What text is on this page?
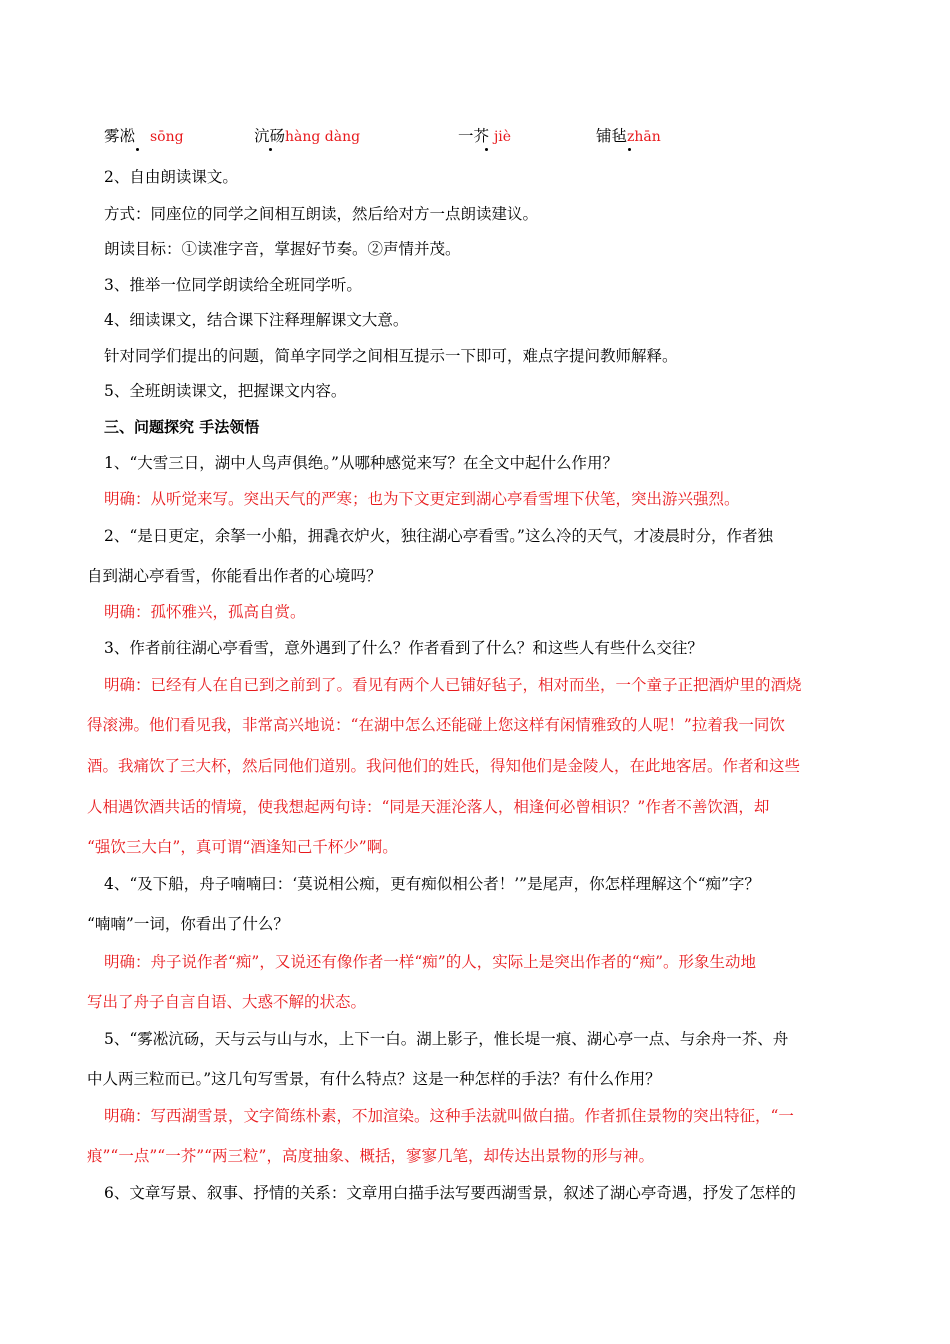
雾凇 sōng	沆砀hàng dàng	一芥 jiè	铺毡zhān
2、自由朗读课文。
方式：同座位的同学之间相互朗读，然后给对方一点朗读建议。
朗读目标：①读准字音，掌握好节奏。②声情并茂。
3、推举一位同学朗读给全班同学听。
4、细读课文，结合课下注释理解课文大意。
针对同学们提出的问题，简单字同学之间相互提示一下即可，难点字提问教师解释。
5、全班朗读课文，把握课文内容。
三、问题探究 手法领悟
1、“大雪三日，湖中人鸟声俱绝。”从哪种感觉来写？在全文中起什么作用？
明确：从听觉来写。突出天气的严寒；也为下文更定到湖心亭看雪埋下伏笔，突出游兴强烈。
2、“是日更定，余拏一小船，拥毳衣炉火，独往湖心亭看雪。”这么冷的天气，才凌晨时分，作者独
自到湖心亭看雪，你能看出作者的心境吗？
明确：孤怀雅兴，孤高自赏。
3、作者前往湖心亭看雪，意外遇到了什么？作者看到了什么？和这些人有些什么交往？
明确：已经有人在自已到之前到了。看见有两个人已铺好毡子，相对而坐，一个童子正把酒炉里的酒烧
得滚沸。他们看见我，非常高兴地说：“在湖中怎么还能碰上您这样有闲情雅致的人呢！”拉着我一同饮
酒。我痛饮了三大杯，然后同他们道别。我问他们的姓氏，得知他们是金陵人，在此地客居。作者和这些
人相遇饮酒共话的情境，使我想起两句诗：“同是天涯沦落人，相逢何必曾相识？”作者不善饮酒，却
“强饮三大白”，真可谓“酒逢知己千杯少”啊。
4、“及下船，舟子喃喃曰：‘莫说相公痴，更有痴似相公者！’”是尾声，你怎样理解这个“痴”字？
“喃喃”一词，你看出了什么？
明确：舟子说作者“痴”，又说还有像作者一样“痴”的人，实际上是突出作者的“痴”。形象生动地
写出了舟子自言自语、大惑不解的状态。
5、“雾凇沆砀，天与云与山与水，上下一白。湖上影子，惟长堤一痕、湖心亭一点、与余舟一芥、舟
中人两三粒而已。”这几句写雪景，有什么特点？这是一种怎样的手法？有什么作用？
明确：写西湖雪景，文字简练朴素，不加渲染。这种手法就叫做白描。作者抓住景物的突出特征，“一
痕”“一点”“一芥”“两三粒”，高度抽象、概括，寥寥几笔，却传达出景物的形与神。
6、文章写景、叙事、抒情的关系：文章用白描手法写要西湖雪景，叙述了湖心亭奇遇，抒发了怎样的
